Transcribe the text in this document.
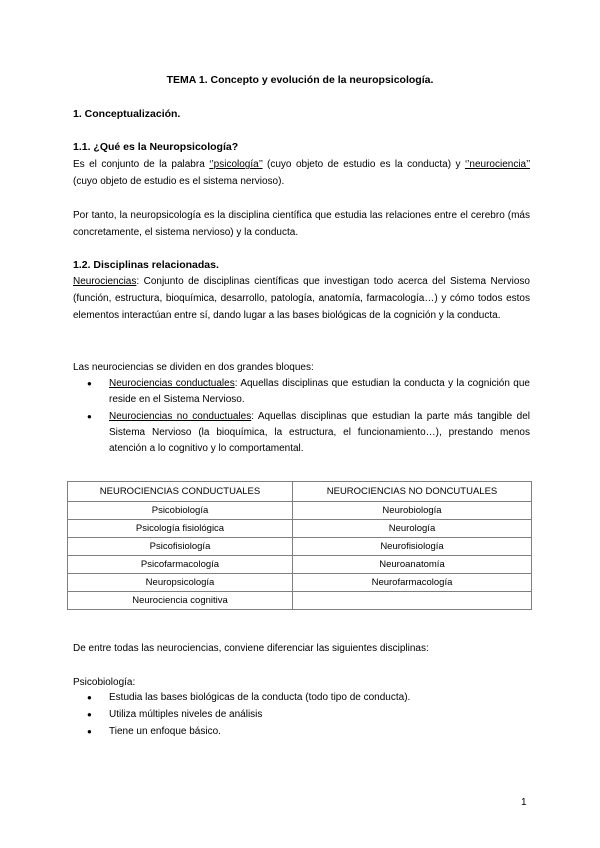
TEMA 1. Concepto y evolución de la neuropsicología.
1. Conceptualización.
1.1. ¿Qué es la Neuropsicología?
Es el conjunto de la palabra ‘’psicología’’ (cuyo objeto de estudio es la conducta) y ‘’neurociencia’’ (cuyo objeto de estudio es el sistema nervioso).
Por tanto, la neuropsicología es la disciplina científica que estudia las relaciones entre el cerebro (más concretamente, el sistema nervioso) y la conducta.
1.2. Disciplinas relacionadas.
Neurociencias: Conjunto de disciplinas científicas que investigan todo acerca del Sistema Nervioso (función, estructura, bioquímica, desarrollo, patología, anatomía, farmacología…) y cómo todos estos elementos interactúan entre sí, dando lugar a las bases biológicas de la cognición y la conducta.
Las neurociencias se dividen en dos grandes bloques:
● Neurociencias conductuales: Aquellas disciplinas que estudian la conducta y la cognición que reside en el Sistema Nervioso.
● Neurociencias no conductuales: Aquellas disciplinas que estudian la parte más tangible del Sistema Nervioso (la bioquímica, la estructura, el funcionamiento…), prestando menos atención a lo cognitivo y lo comportamental.
NEUROCIENCIAS CONDUCTUALES	NEUROCIENCIAS NO DONCUTUALES
Psicobiología	Neurobiología
Psicología fisiológica	Neurología
Psicofisiología	Neurofisiología
Psicofarmacología	Neuroanatomía
Neuropsicología	Neurofarmacología
Neurociencia cognitiva	
De entre todas las neurociencias, conviene diferenciar las siguientes disciplinas:
Psicobiología:
● Estudia las bases biológicas de la conducta (todo tipo de conducta).
● Utiliza múltiples niveles de análisis
● Tiene un enfoque básico.
1
